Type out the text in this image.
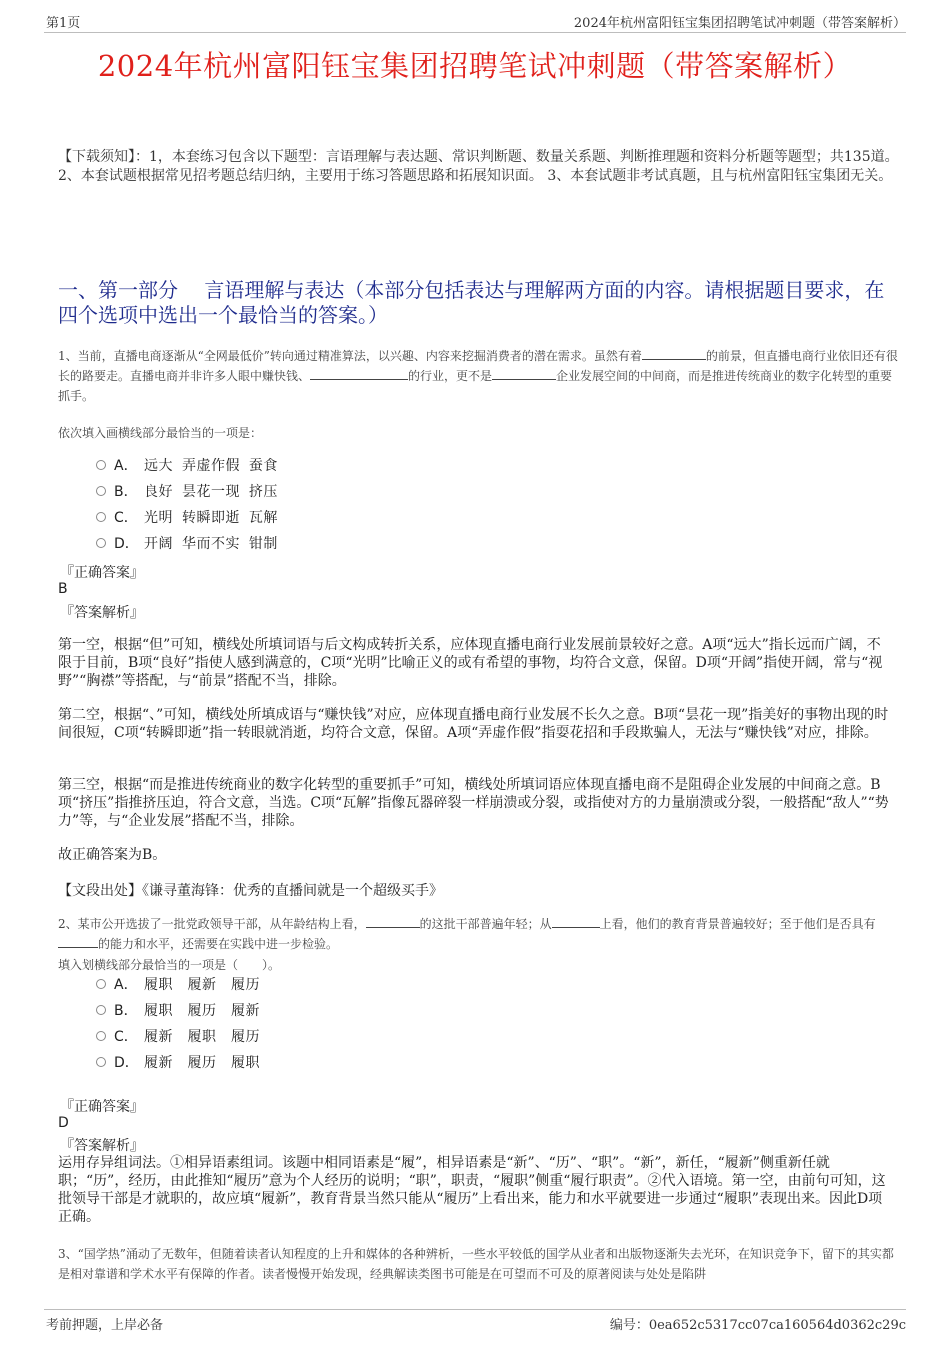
第1页	2024年杭州富阳钰宝集团招聘笔试冲刺题（带答案解析）
2024年杭州富阳钰宝集团招聘笔试冲刺题（带答案解析）
【下载须知】：1，本套练习包含以下题型：言语理解与表达题、常识判断题、数量关系题、判断推理题和资料分析题等题型；共135道。 2、本套试题根据常见招考题总结归纳，主要用于练习答题思路和拓展知识面。 3、本套试题非考试真题，且与杭州富阳钰宝集团无关。
一、第一部分　 言语理解与表达（本部分包括表达与理解两方面的内容。请根据题目要求，在四个选项中选出一个最恰当的答案。）
1、当前，直播电商逐渐从“全网最低价”转向通过精准算法，以兴趣、内容来挖掘消费者的潜在需求。虽然有着	的前景，但直播电商行业依旧还有很长的路要走。直播电商并非许多人眼中赚快钱、	的行业，更不是	企业发展空间的中间商，而是推进传统商业的数字化转型的重要抓手。
依次填入画横线部分最恰当的一项是：
A． 远大 弄虚作假 蚕食
B． 良好 昙花一现 挤压
C． 光明 转瞬即逝 瓦解
D． 开阔 华而不实 钳制
『正确答案』
B
『答案解析』
第一空，根据“但”可知，横线处所填词语与后文构成转折关系，应体现直播电商行业发展前景较好之意。A项“远大”指长远而广阔，不限于目前，B项“良好”指使人感到满意的，C项“光明”比喻正义的或有希望的事物，均符合文意，保留。D项“开阔”指使开阔，常与“视野”“胸襟”等搭配，与“前景”搭配不当，排除。
第二空，根据“、”可知，横线处所填成语与“赚快钱”对应，应体现直播电商行业发展不长久之意。B项“昙花一现”指美好的事物出现的时间很短，C项“转瞬即逝”指一转眼就消逝，均符合文意，保留。A项“弄虚作假”指耍花招和手段欺骗人，无法与“赚快钱”对应，排除。
第三空，根据“而是推进传统商业的数字化转型的重要抓手”可知，横线处所填词语应体现直播电商不是阻碍企业发展的中间商之意。B项“挤压”指推挤压迫，符合文意，当选。C项“瓦解”指像瓦器碎裂一样崩溃或分裂，或指使对方的力量崩溃或分裂，一般搭配“敌人”“势力”等，与“企业发展”搭配不当，排除。
故正确答案为B。
【文段出处】《谦寻董海锋：优秀的直播间就是一个超级买手》
2、某市公开选拔了一批党政领导干部，从年龄结构上看，	的这批干部普遍年轻；从	上看，他们的教育背景普遍较好；至于他们是否具有的能力和水平，还需要在实践中进一步检验。
填入划横线部分最恰当的一项是（　　）。
A． 履职　履新　履历
B． 履职　履历　履新
C． 履新　履职　履历
D． 履新　履历　履职
『正确答案』
D
『答案解析』
运用存异组词法。①相异语素组词。该题中相同语素是“履”，相异语素是“新”、“历”、“职”。“新”，新任，“履新”侧重新任就职；“历”，经历，由此推知“履历”意为个人经历的说明；“职”，职责，“履职”侧重“履行职责”。②代入语境。第一空，由前句可知，这批领导干部是才就职的，故应填“履新”，教育背景当然只能从“履历”上看出来，能力和水平就要进一步通过“履职”表现出来。因此D项正确。
3、“国学热”涌动了无数年，但随着读者认知程度的上升和媒体的各种辨析，一些水平较低的国学从业者和出版物逐渐失去光环，在知识竞争下，留下的其实都是相对靠谱和学术水平有保障的作者。读者慢慢开始发现，经典解读类图书可能是在可望而不可及的原著阅读与处处是陷阱
考前押题，上岸必备	编号：0ea652c5317cc07ca160564d0362c29c
